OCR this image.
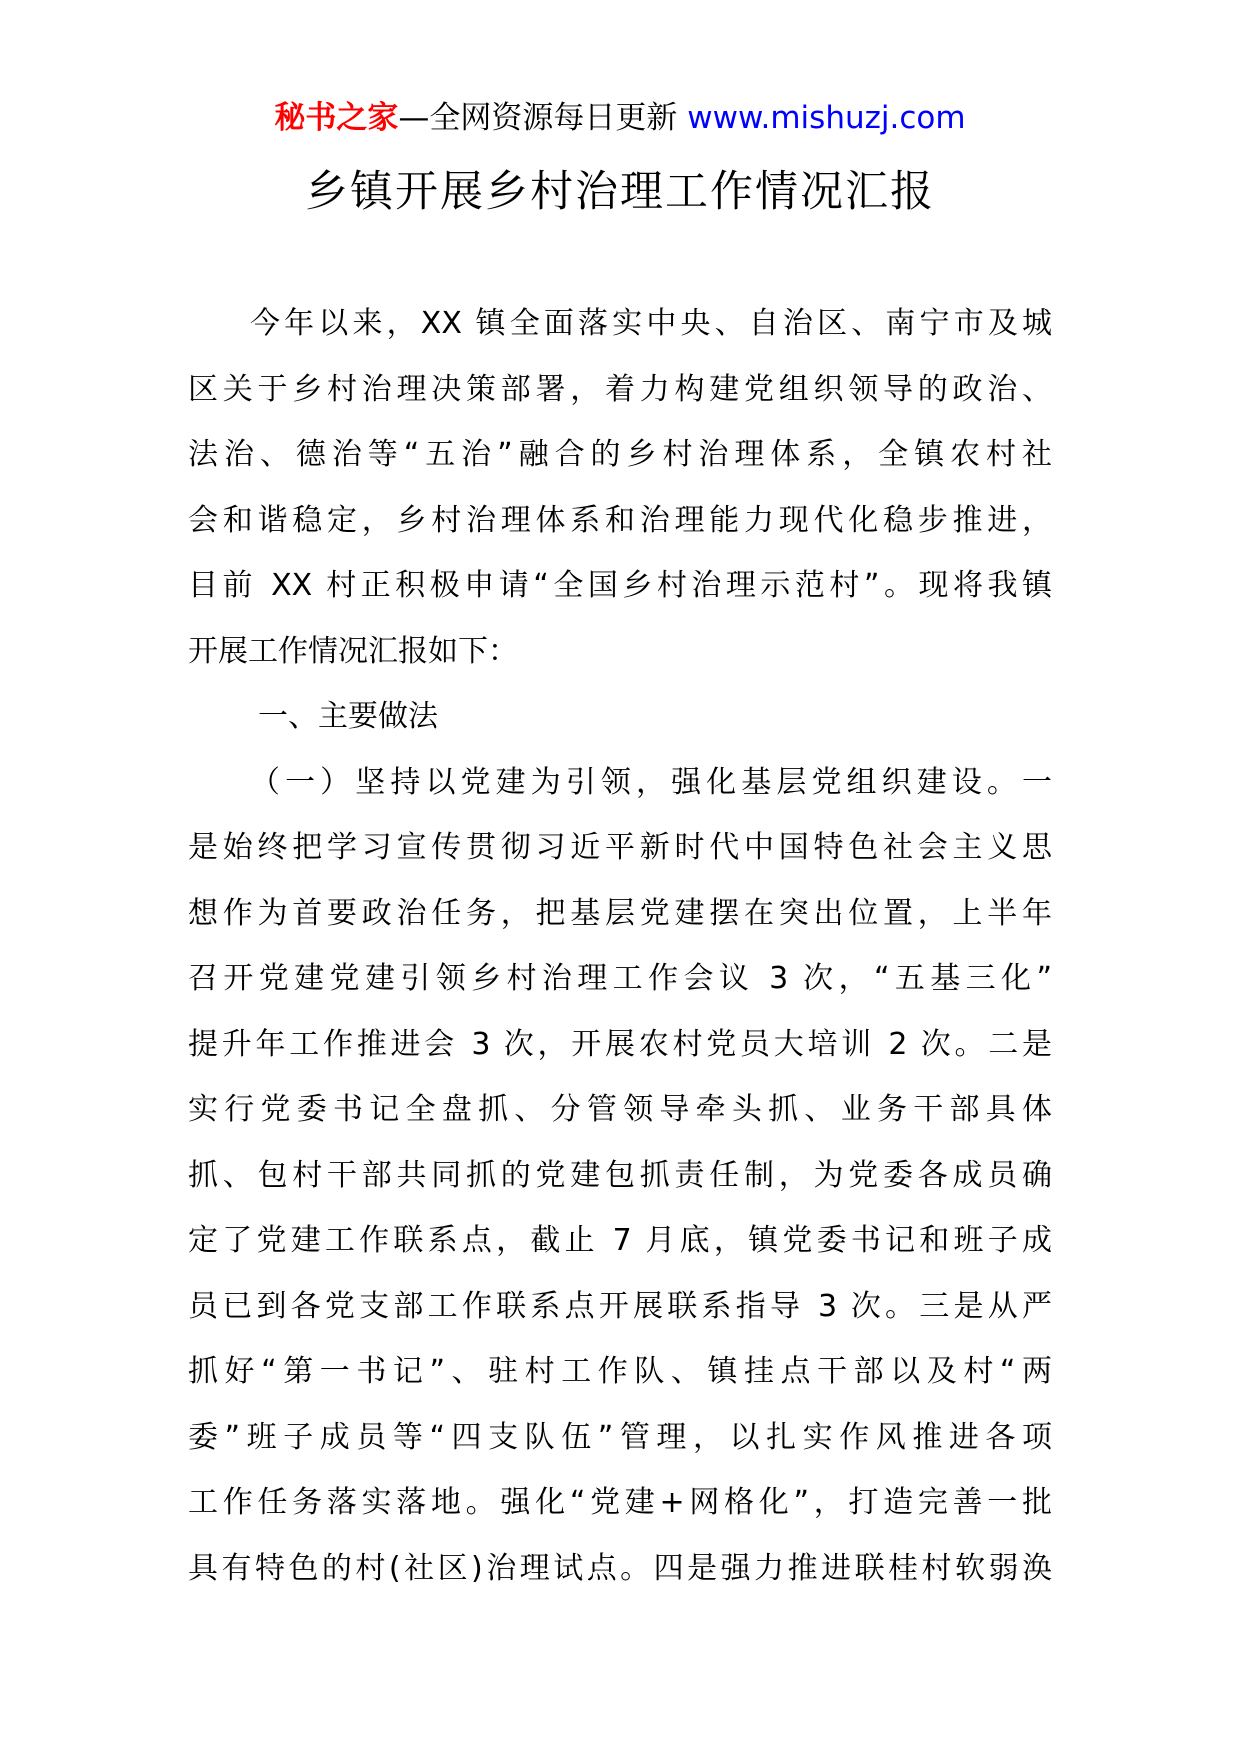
秘书之家—全网资源每日更新 www.mishuzj.com
乡镇开展乡村治理工作情况汇报
今年以来，XX 镇全面落实中央、自治区、南宁市及城
区关于乡村治理决策部署，着力构建党组织领导的政治、
法治、德治等“五治”融合的乡村治理体系，全镇农村社
会和谐稳定，乡村治理体系和治理能力现代化稳步推进，
目前 XX 村正积极申请“全国乡村治理示范村”。现将我镇
开展工作情况汇报如下：
一、主要做法
（一）坚持以党建为引领，强化基层党组织建设。一
是始终把学习宣传贯彻习近平新时代中国特色社会主义思
想作为首要政治任务，把基层党建摆在突出位置，上半年
召开党建党建引领乡村治理工作会议 3 次，“五基三化”
提升年工作推进会 3 次，开展农村党员大培训 2 次。二是
实行党委书记全盘抓、分管领导牵头抓、业务干部具体
抓、包村干部共同抓的党建包抓责任制，为党委各成员确
定了党建工作联系点，截止 7 月底，镇党委书记和班子成
员已到各党支部工作联系点开展联系指导 3 次。三是从严
抓好“第一书记”、驻村工作队、镇挂点干部以及村“两
委”班子成员等“四支队伍”管理，以扎实作风推进各项
工作任务落实落地。强化“党建+网格化”，打造完善一批
具有特色的村(社区)治理试点。四是强力推进联桂村软弱涣
